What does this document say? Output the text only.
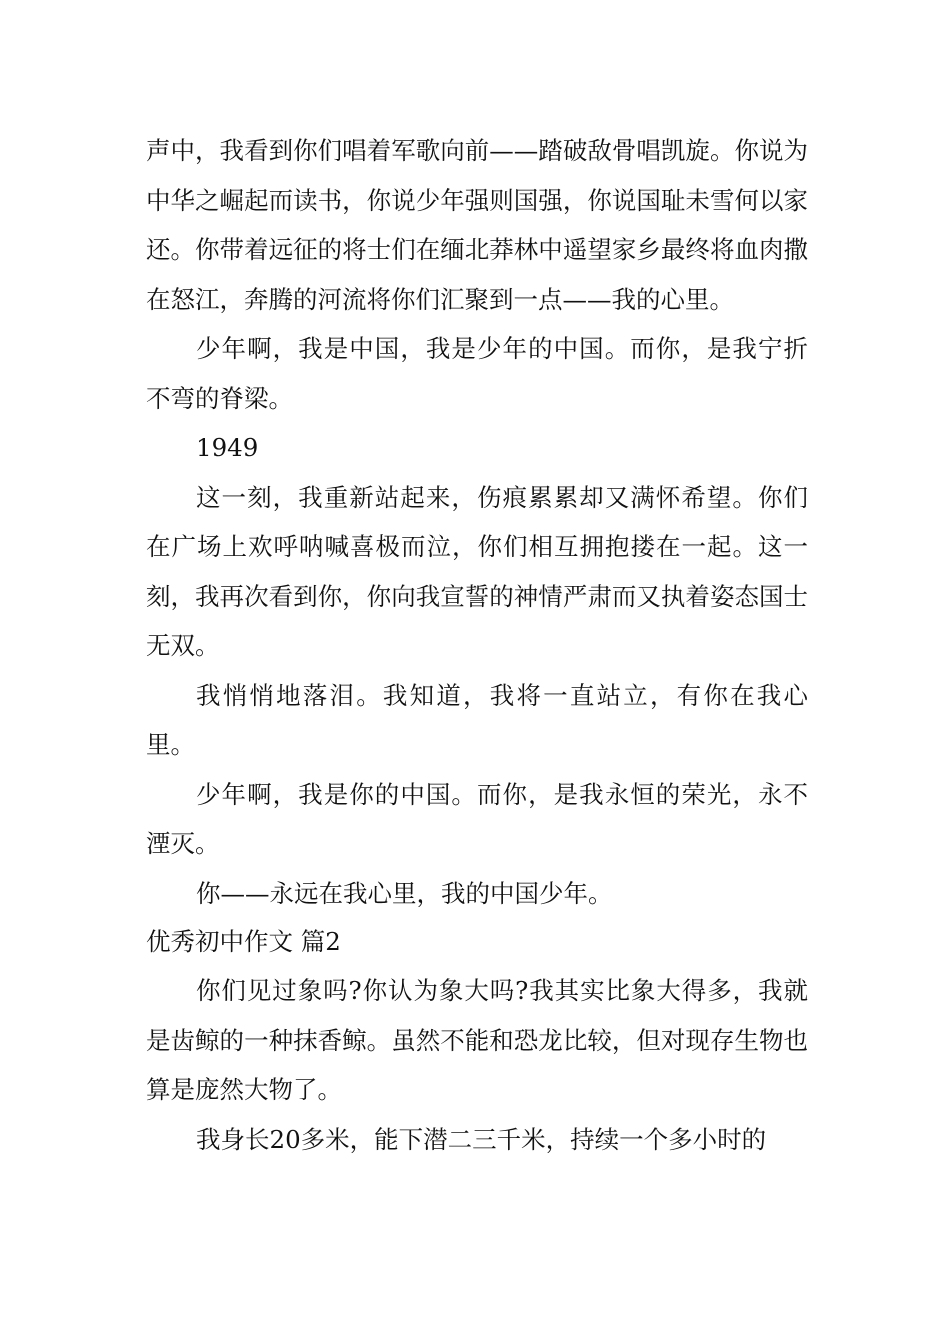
声中，我看到你们唱着军歌向前——踏破敌骨唱凯旋。你说为中华之崛起而读书，你说少年强则国强，你说国耻未雪何以家还。你带着远征的将士们在缅北莽林中遥望家乡最终将血肉撒在怒江，奔腾的河流将你们汇聚到一点——我的心里。

少年啊，我是中国，我是少年的中国。而你，是我宁折不弯的脊梁。

1949

这一刻，我重新站起来，伤痕累累却又满怀希望。你们在广场上欢呼呐喊喜极而泣，你们相互拥抱搂在一起。这一刻，我再次看到你，你向我宣誓的神情严肃而又执着姿态国士无双。

我悄悄地落泪。我知道，我将一直站立，有你在我心里。

少年啊，我是你的中国。而你，是我永恒的荣光，永不湮灭。

你——永远在我心里，我的中国少年。

优秀初中作文 篇2

你们见过象吗?你认为象大吗?我其实比象大得多，我就是齿鲸的一种抹香鲸。虽然不能和恐龙比较，但对现存生物也算是庞然大物了。

我身长20多米，能下潜二三千米，持续一个多小时的
